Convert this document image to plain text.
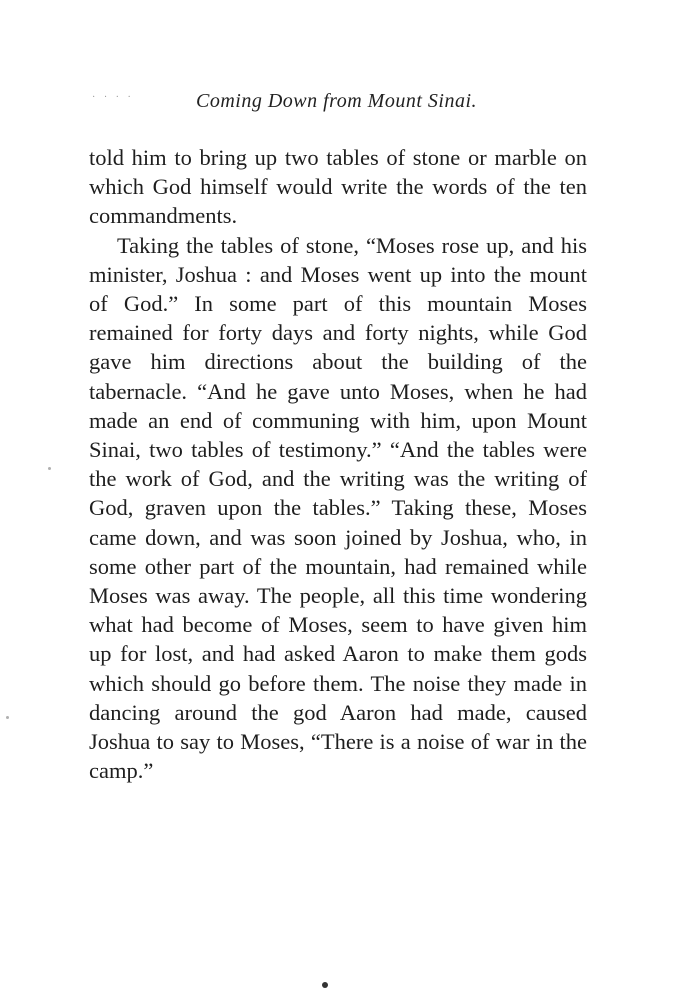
· · · ·	Coming Down from Mount Sinai.

told him to bring up two tables of stone or marble on which God himself would write the words of the ten commandments.

Taking the tables of stone, “Moses rose up, and his minister, Joshua : and Moses went up into the mount of God.” In some part of this mountain Moses remained for forty days and forty nights, while God gave him directions about the building of the tabernacle. “And he gave unto Moses, when he had made an end of communing with him, upon Mount Sinai, two tables of testimony.” “And the tables were the work of God, and the writing was the writing of God, graven upon the tables.” Taking these, Moses came down, and was soon joined by Joshua, who, in some other part of the mountain, had remained while Moses was away. The people, all this time wondering what had become of Moses, seem to have given him up for lost, and had asked Aaron to make them gods which should go before them. The noise they made in dancing around the god Aaron had made, caused Joshua to say to Moses, “There is a noise of war in the camp.”
